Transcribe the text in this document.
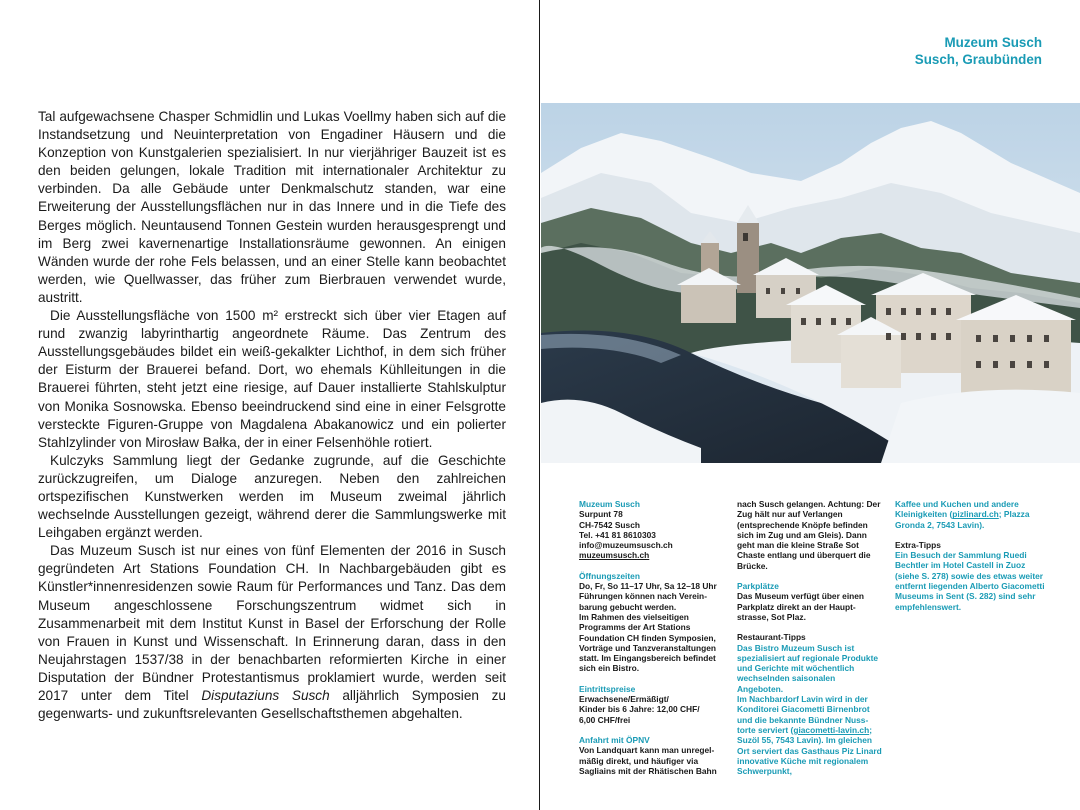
Tal aufgewachsene Chasper Schmidlin und Lukas Voellmy haben sich auf die Instandsetzung und Neuinterpretation von Engadiner Häusern und die Konzeption von Kunstgalerien spezialisiert. In nur vierjähriger Bauzeit ist es den beiden gelungen, lokale Tradition mit internationaler Architektur zu verbinden. Da alle Gebäude unter Denkmalschutz standen, war eine Erweiterung der Ausstellungsflächen nur in das Innere und in die Tiefe des Berges möglich. Neuntausend Tonnen Gestein wurden herausgesprengt und im Berg zwei kavernenartige Installationsräume gewonnen. An einigen Wänden wurde der rohe Fels belassen, und an einer Stelle kann beobachtet werden, wie Quellwasser, das früher zum Bierbrauen verwendet wurde, austritt.

Die Ausstellungsfläche von 1500 m² erstreckt sich über vier Etagen auf rund zwanzig labyrinthartig angeordnete Räume. Das Zentrum des Ausstellungsgebäudes bildet ein weiß-gekalkter Lichthof, in dem sich früher der Eisturm der Brauerei befand. Dort, wo ehemals Kühlleitungen in die Brauerei führten, steht jetzt eine riesige, auf Dauer installierte Stahlskulptur von Monika Sosnowska. Ebenso beeindruckend sind eine in einer Felsgrotte versteckte Figuren-Gruppe von Magdalena Abakanowicz und ein polierter Stahlzylinder von Mirosław Bałka, der in einer Felsenhöhle rotiert.

Kulczyks Sammlung liegt der Gedanke zugrunde, auf die Geschichte zurückzugreifen, um Dialoge anzuregen. Neben den zahlreichen ortspezifischen Kunstwerken werden im Museum zweimal jährlich wechselnde Ausstellungen gezeigt, während derer die Sammlungswerke mit Leihgaben ergänzt werden.

Das Muzeum Susch ist nur eines von fünf Elementen der 2016 in Susch gegründeten Art Stations Foundation CH. In Nachbargebäuden gibt es Künstler*innenresidenzen sowie Raum für Performances und Tanz. Das dem Museum angeschlossene Forschungszentrum widmet sich in Zusammenarbeit mit dem Institut Kunst in Basel der Erforschung der Rolle von Frauen in Kunst und Wissenschaft. In Erinnerung daran, dass in den Neujahrstagen 1537/38 in der benachbarten reformierten Kirche in einer Disputation der Bündner Protestantismus proklamiert wurde, werden seit 2017 unter dem Titel Disputaziuns Susch alljährlich Symposien zu gegenwarts- und zukunftsrelevanten Gesellschaftsthemen abgehalten.

Muzeum Susch
Susch, Graubünden
Muzeum Susch
Surpunt 78
CH-7542 Susch
Tel. +41 81 8610303
info@muzeumsusch.ch
muzeumsusch.ch
Öffnungszeiten
Do, Fr, So 11–17 Uhr, Sa 12–18 Uhr
Führungen können nach Vereinbarung gebucht werden.
Im Rahmen des vielseitigen Programms der Art Stations Foundation CH finden Symposien, Vorträge und Tanzveranstaltungen statt. Im Eingangsbereich befindet sich ein Bistro.
Eintrittspreise
Erwachsene/Ermäßigt/
Kinder bis 6 Jahre: 12,00 CHF/
6,00 CHF/frei
Anfahrt mit ÖPNV
Von Landquart kann man unregelmäßig direkt, und häufiger via Sagliains mit der Rhätischen Bahn
nach Susch gelangen. Achtung: Der Zug hält nur auf Verlangen (entsprechende Knöpfe befinden sich im Zug und am Gleis). Dann geht man die kleine Straße Sot Chaste entlang und überquert die Brücke.
Parkplätze
Das Museum verfügt über einen Parkplatz direkt an der Hauptstrasse, Sot Plaz.
Restaurant-Tipps
Das Bistro Muzeum Susch ist spezialisiert auf regionale Produkte und Gerichte mit wöchentlich wechselnden saisonalen Angeboten.
Im Nachbardorf Lavin wird in der Konditorei Giacometti Birnenbrot und die bekannte Bündner Nusstorte serviert (giacometti-lavin.ch; Suzöl 55, 7543 Lavin). Im gleichen Ort serviert das Gasthaus Piz Linard innovative Küche mit regionalem Schwerpunkt,
Kaffee und Kuchen und andere Kleinigkeiten (pizlinard.ch; Plazza Gronda 2, 7543 Lavin).
Extra-Tipps
Ein Besuch der Sammlung Ruedi Bechtler im Hotel Castell in Zuoz (siehe S. 278) sowie des etwas weiter entfernt liegenden Alberto Giacometti Museums in Sent (S. 282) sind sehr empfehlenswert.
